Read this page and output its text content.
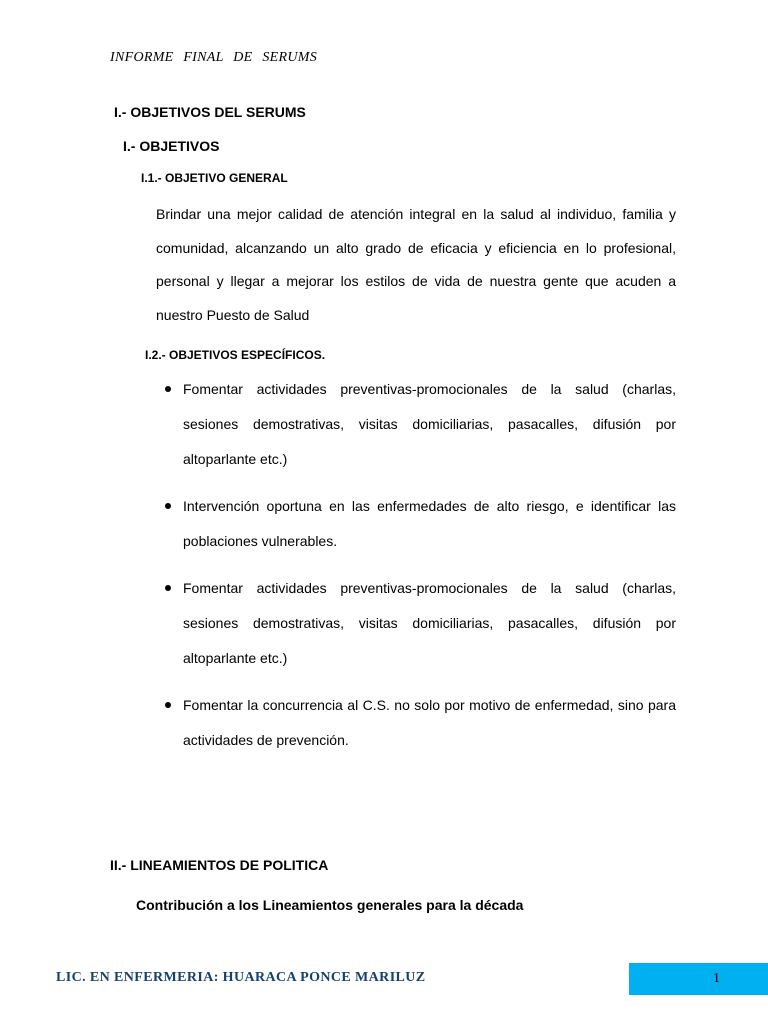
INFORME FINAL DE SERUMS
I.- OBJETIVOS DEL SERUMS
I.- OBJETIVOS
I.1.- OBJETIVO GENERAL
Brindar una mejor calidad de atención integral en la salud al individuo, familia y comunidad, alcanzando un alto grado de eficacia y eficiencia en lo profesional, personal y llegar a mejorar los estilos de vida de nuestra gente que acuden a nuestro Puesto de Salud
I.2.- OBJETIVOS ESPECÍFICOS.
Fomentar actividades preventivas-promocionales de la salud (charlas, sesiones demostrativas, visitas domiciliarias, pasacalles, difusión por altoparlante etc.)
Intervención oportuna en las enfermedades de alto riesgo, e identificar las poblaciones vulnerables.
Fomentar actividades preventivas-promocionales de la salud (charlas, sesiones demostrativas, visitas domiciliarias, pasacalles, difusión por altoparlante etc.)
Fomentar la concurrencia al C.S. no solo por motivo de enfermedad, sino para actividades de prevención.
II.- LINEAMIENTOS DE POLITICA
Contribución a los Lineamientos generales para la década
LIC. EN ENFERMERIA: HUARACA PONCE MARILUZ	1
